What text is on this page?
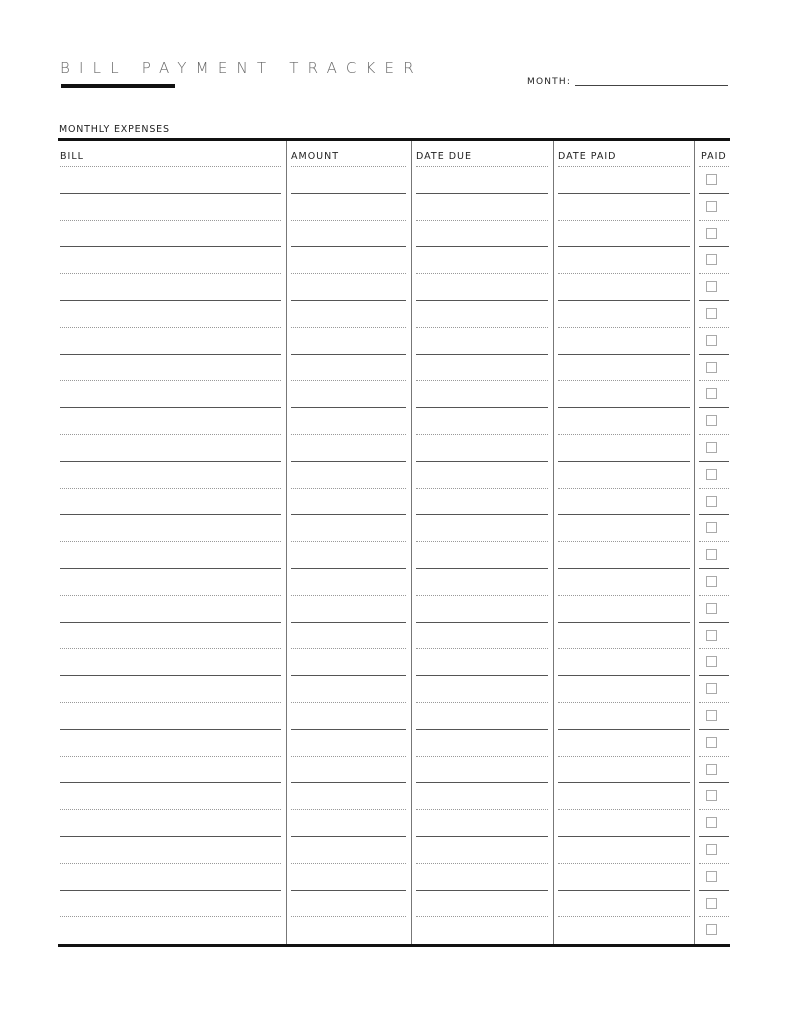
BILL PAYMENT TRACKER
MONTH:
MONTHLY EXPENSES
BILL	AMOUNT	DATE DUE	DATE PAID	PAID
